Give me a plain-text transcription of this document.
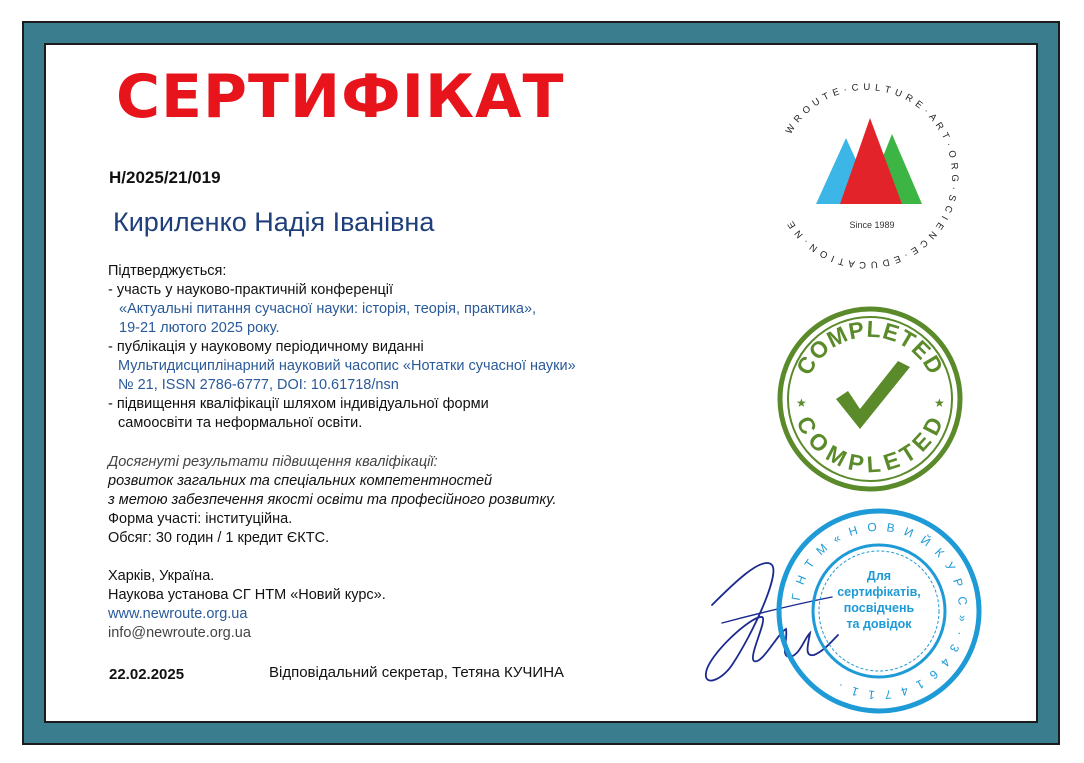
СЕРТИФІКАТ
Н/2025/21/019
Кириленко Надія Іванівна
Підтверджується:
- участь у науково-практичній конференції
«Актуальні питання сучасної науки: історія, теорія, практика»,
19-21 лютого 2025 року.
- публікація у науковому періодичному виданні
Мультидисциплінарний науковий часопис «Нотатки сучасної науки»
№ 21, ISSN 2786-6777, DOI: 10.61718/nsn
- підвищення кваліфікації шляхом індивідуальної форми
самоосвіти та неформальної освіти.
Досягнуті результати підвищення кваліфікації:
розвиток загальних та спеціальних компетентностей
з метою забезпечення якості освіти та професійного розвитку.
Форма участі: інституційна.
Обсяг: 30 годин / 1 кредит ЄКТС.
Харків, Україна.
Наукова установа СГ НТМ «Новий курс».
www.newroute.org.ua
info@newroute.org.ua
22.02.2025	Відповідальний секретар, Тетяна КУЧИНА
W R O U T E · C U L T U R E · A R T · O R G · S C I E N C E · E D U C A T I O N · N E	Since 1989
COMPLETED
COMPLETED
★	★
Г Н Т М « Н О В И Й К У Р С » · 3 4 6 1 4 7 1 1 ·
Для
сертифікатів,
посвідчень
та довідок
